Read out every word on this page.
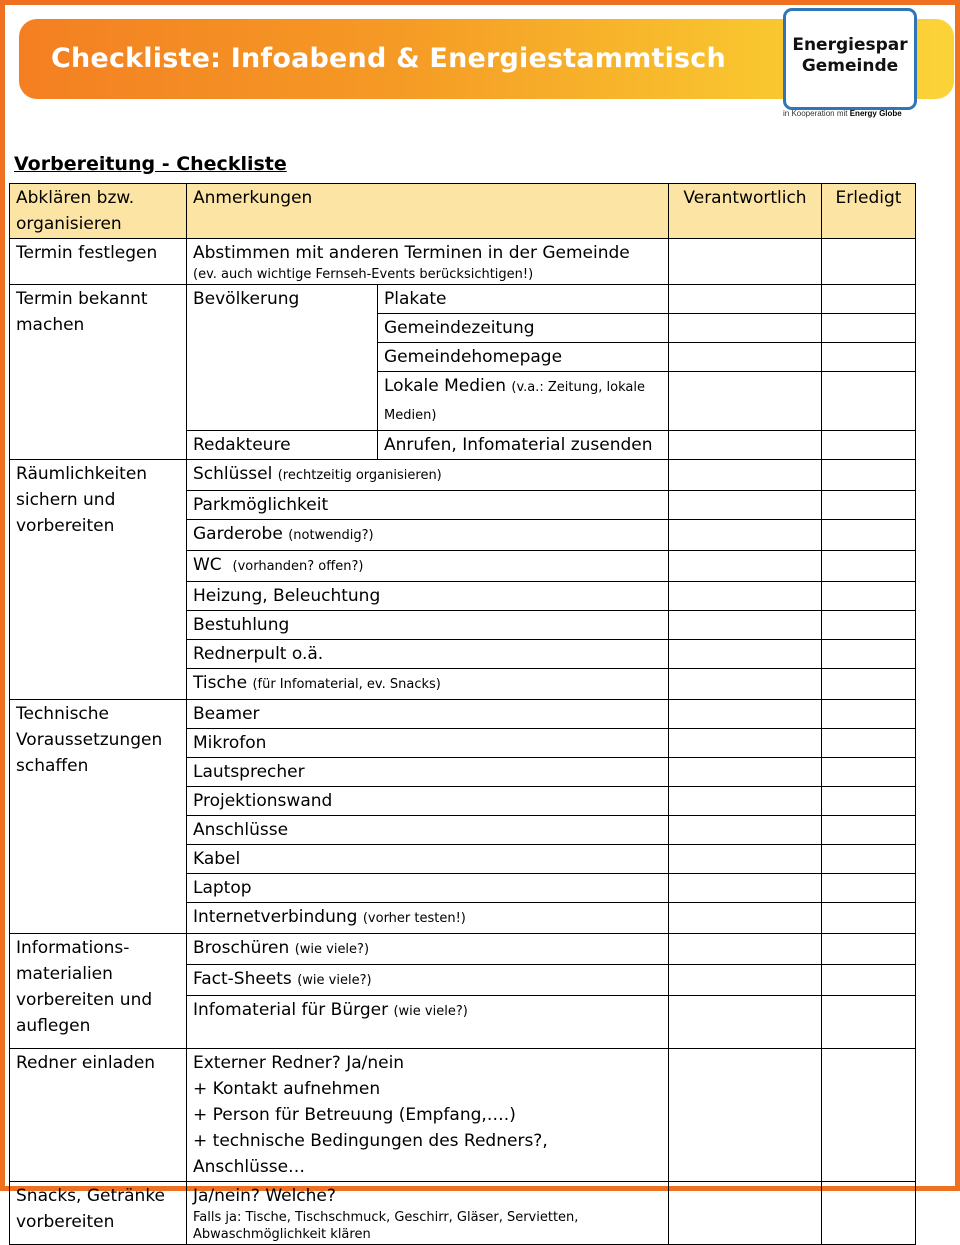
Checkliste: Infoabend & Energiestammtisch	Energiespar
Gemeinde
in Kooperation mit Energy Globe
Vorbereitung - Checkliste
Abklären bzw. organisieren	Anmerkungen		Verantwortlich	Erledigt
Termin festlegen	Abstimmen mit anderen Terminen in der Gemeinde
(ev. auch wichtige Fernseh-Events berücksichtigen!)			

Termin bekannt machen	Bevölkerung	Plakate		
		Gemeindezeitung		
		Gemeindehomepage		
		Lokale Medien (v.a.: Zeitung, lokale Medien)		
	Redakteure	Anrufen, Infomaterial zusenden		
Räumlichkeiten sichern und vorbereiten	Schlüssel (rechtzeitig organisieren)			
	Parkmöglichkeit			
	Garderobe (notwendig?)			
	WC (vorhanden? offen?)			
	Heizung, Beleuchtung			
	Bestuhlung			
	Rednerpult o.ä.			
	Tische (für Infomaterial, ev. Snacks)			
Technische Voraussetzungen schaffen	Beamer			
	Mikrofon			
	Lautsprecher			
	Projektionswand			
	Anschlüsse			
	Kabel			
	Laptop			
	Internetverbindung (vorher testen!)			
Informations-materialien vorbereiten und auflegen	Broschüren (wie viele?)			
	Fact-Sheets (wie viele?)			
	Infomaterial für Bürger (wie viele?)			
Redner einladen	Externer Redner? Ja/nein
+ Kontakt aufnehmen
+ Person für Betreuung (Empfang,….)
+ technische Bedingungen des Redners?, Anschlüsse…			

Snacks, Getränke vorbereiten	Ja/nein? Welche?
Falls ja: Tische, Tischschmuck, Geschirr, Gläser, Servietten, Abwaschmöglichkeit klären			
